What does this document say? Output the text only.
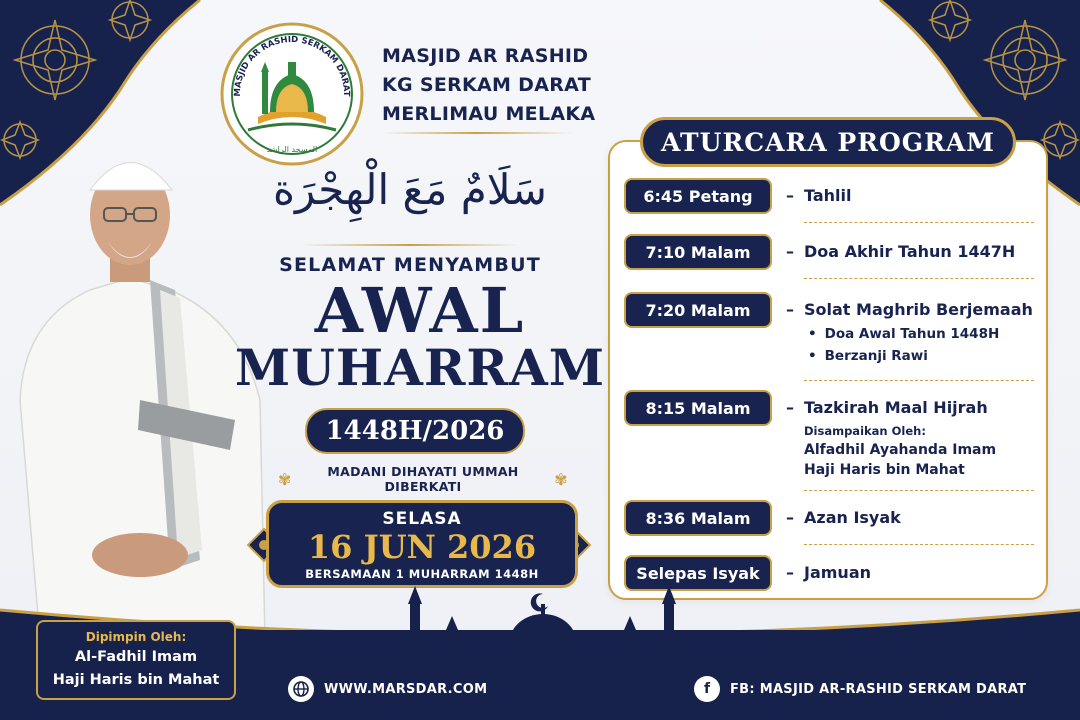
MASJID AR RASHID SERKAM DARAT
المسجد الراشد
MASJID AR RASHID
KG SERKAM DARAT
MERLIMAU MELAKA
سَلَامٌ مَعَ الْهِجْرَة
SELAMAT MENYAMBUT
AWAL
MUHARRAM
1448H/2026
✾	MADANI DIHAYATI UMMAH DIBERKATI	✾
SELASA
16 JUN 2026
BERSAMAAN 1 MUHARRAM 1448H
ATURCARA PROGRAM
6:45 Petang – Tahlil
7:10 Malam – Doa Akhir Tahun 1447H
7:20 Malam – Solat Maghrib Berjemaah
• Doa Awal Tahun 1448H
• Berzanji Rawi
8:15 Malam – Tazkirah Maal Hijrah
Disampaikan Oleh:
Alfadhil Ayahanda Imam
Haji Haris bin Mahat
8:36 Malam – Azan Isyak
Selepas Isyak – Jamuan
Dipimpin Oleh:
Al-Fadhil Imam
Haji Haris bin Mahat
WWW.MARSDAR.COM	f	FB: MASJID AR-RASHID SERKAM DARAT
